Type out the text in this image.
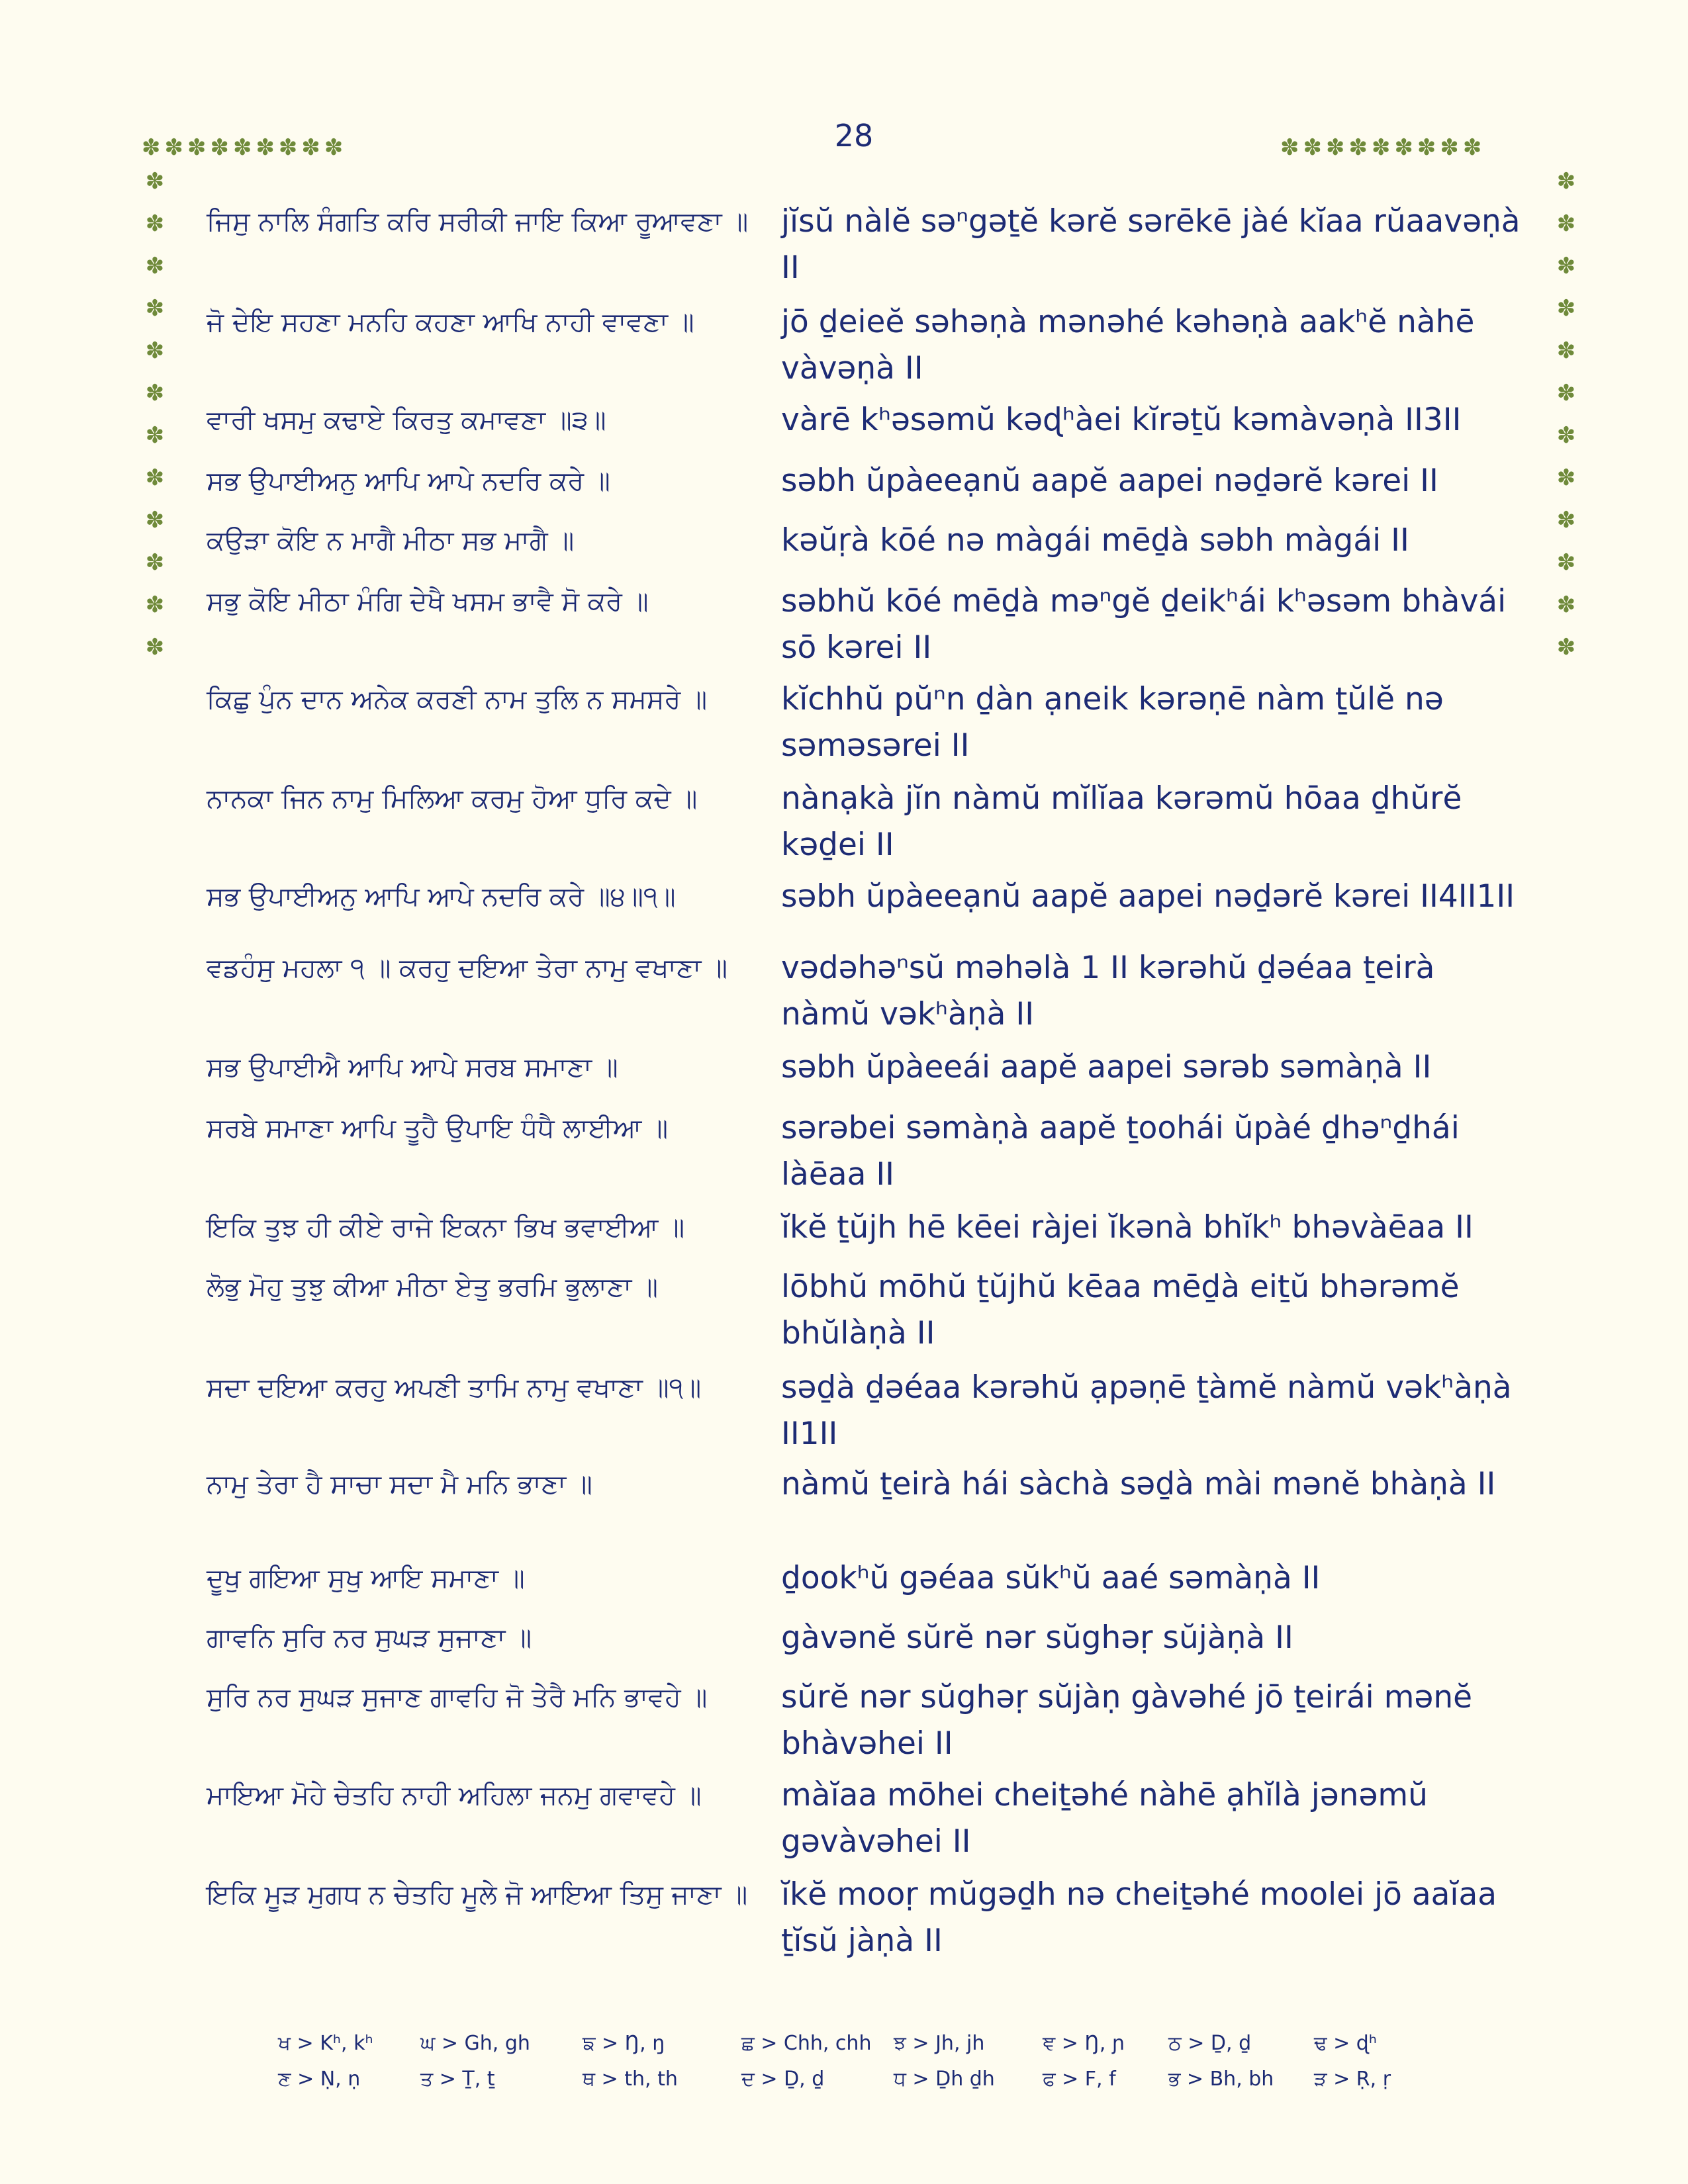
28
✽✽✽✽✽✽✽✽✽	✽✽✽✽✽✽✽✽✽
✽
✽
✽
✽
✽
✽
✽
✽
✽
✽
✽
✽
✽
✽
✽
✽
✽
✽
✽
✽
✽
✽
✽
✽
ਜਿਸੁ ਨਾਲਿ ਸੰਗਤਿ ਕਰਿ ਸਰੀਕੀ ਜਾਇ ਕਿਆ ਰੂਆਵਣਾ ॥ jĭsŭ nàlĕ səⁿgəṯĕ kərĕ sərēkē jàé kĭaa rŭaavəṇà II
ਜੋ ਦੇਇ ਸਹਣਾ ਮਨਹਿ ਕਹਣਾ ਆਖਿ ਨਾਹੀ ਵਾਵਣਾ ॥	jō ḏeieĕ səhəṇà mənəhé kəhəṇà aakʰĕ nàhē vàvəṇà II
ਵਾਰੀ ਖਸਮੁ ਕਢਾਏ ਕਿਰਤੁ ਕਮਾਵਣਾ ॥੩॥	vàrē kʰəsəmŭ kəɖʰàei kĭrəṯŭ kəmàvəṇà II3II
ਸਭ ਉਪਾਈਅਨੁ ਆਪਿ ਆਪੇ ਨਦਰਿ ਕਰੇ ॥	səbh ŭpàeeạnŭ aapĕ aapei nəḏərĕ kərei II
ਕਉੜਾ ਕੋਇ ਨ ਮਾਗੈ ਮੀਠਾ ਸਭ ਮਾਗੈ ॥	kəŭṛà kōé nə màgái mēḏà səbh màgái II
ਸਭੁ ਕੋਇ ਮੀਠਾ ਮੰਗਿ ਦੇਖੈ ਖਸਮ ਭਾਵੈ ਸੋ ਕਰੇ ॥	səbhŭ kōé mēḏà məⁿgĕ ḏeikʰái kʰəsəm bhàvái sō kərei II
ਕਿਛੁ ਪੁੰਨ ਦਾਨ ਅਨੇਕ ਕਰਣੀ ਨਾਮ ਤੁਲਿ ਨ ਸਮਸਰੇ ॥	kĭchhŭ pŭⁿn ḏàn ạneik kərəṇē nàm ṯŭlĕ nə səməsərei II
ਨਾਨਕਾ ਜਿਨ ਨਾਮੁ ਮਿਲਿਆ ਕਰਮੁ ਹੋਆ ਧੁਰਿ ਕਦੇ ॥	nànạkà jĭn nàmŭ mĭlĭaa kərəmŭ hōaa ḏhŭrĕ kəḏei II
ਸਭ ਉਪਾਈਅਨੁ ਆਪਿ ਆਪੇ ਨਦਰਿ ਕਰੇ ॥੪॥੧॥	səbh ŭpàeeạnŭ aapĕ aapei nəḏərĕ kərei II4II1II
ਵਡਹੰਸੁ ਮਹਲਾ ੧ ॥ ਕਰਹੁ ਦਇਆ ਤੇਰਾ ਨਾਮੁ ਵਖਾਣਾ ॥	vədəhəⁿsŭ məhəlà 1 II kərəhŭ ḏəéaa ṯeirà nàmŭ vəkʰàṇà II
ਸਭ ਉਪਾਈਐ ਆਪਿ ਆਪੇ ਸਰਬ ਸਮਾਣਾ ॥	səbh ŭpàeeái aapĕ aapei sərəb səmàṇà II
ਸਰਬੇ ਸਮਾਣਾ ਆਪਿ ਤੂਹੈ ਉਪਾਇ ਧੰਧੈ ਲਾਈਆ ॥	sərəbei səmàṇà aapĕ ṯoohái ŭpàé ḏhəⁿḏhái làēaa II
ਇਕਿ ਤੁਝ ਹੀ ਕੀਏ ਰਾਜੇ ਇਕਨਾ ਭਿਖ ਭਵਾਈਆ ॥	ĭkĕ ṯŭjh hē kēei ràjei ĭkənà bhĭkʰ bhəvàēaa II
ਲੋਭੁ ਮੋਹੁ ਤੁਝੁ ਕੀਆ ਮੀਠਾ ਏਤੁ ਭਰਮਿ ਭੁਲਾਣਾ ॥	lōbhŭ mōhŭ ṯŭjhŭ kēaa mēḏà eiṯŭ bhərəmĕ bhŭlàṇà II
ਸਦਾ ਦਇਆ ਕਰਹੁ ਅਪਣੀ ਤਾਮਿ ਨਾਮੁ ਵਖਾਣਾ ॥੧॥	səḏà ḏəéaa kərəhŭ ạpəṇē ṯàmĕ nàmŭ vəkʰàṇà II1II
ਨਾਮੁ ਤੇਰਾ ਹੈ ਸਾਚਾ ਸਦਾ ਮੈ ਮਨਿ ਭਾਣਾ ॥	nàmŭ ṯeirà hái sàchà səḏà mài mənĕ bhàṇà II
ਦੂਖੁ ਗਇਆ ਸੁਖੁ ਆਇ ਸਮਾਣਾ ॥	ḏookʰŭ gəéaa sŭkʰŭ aaé səmàṇà II
ਗਾਵਨਿ ਸੁਰਿ ਨਰ ਸੁਘੜ ਸੁਜਾਣਾ ॥	gàvənĕ sŭrĕ nər sŭghəṛ sŭjàṇà II
ਸੁਰਿ ਨਰ ਸੁਘੜ ਸੁਜਾਣ ਗਾਵਹਿ ਜੋ ਤੇਰੈ ਮਨਿ ਭਾਵਹੇ ॥	sŭrĕ nər sŭghəṛ sŭjàṇ gàvəhé jō ṯeirái mənĕ bhàvəhei II
ਮਾਇਆ ਮੋਹੇ ਚੇਤਹਿ ਨਾਹੀ ਅਹਿਲਾ ਜਨਮੁ ਗਵਾਵਹੇ ॥	màĭaa mōhei cheiṯəhé nàhē ạhĭlà jənəmŭ gəvàvəhei II
ਇਕਿ ਮੂੜ ਮੁਗਧ ਨ ਚੇਤਹਿ ਮੂਲੇ ਜੋ ਆਇਆ ਤਿਸੁ ਜਾਣਾ ॥ ĭkĕ mooṛ mŭgəḏh nə cheiṯəhé moolei jō aaĭaa ṯĭsŭ jàṇà II
ਖ > Kʰ, kʰ ਘ > Gh, gh	ਙ > Ŋ, ŋ	ਛ > Chh, chh ਝ > Jh, jh	ਞ > Ŋ, ɲ ਠ > Ḏ, ḏ	ਢ > ɖʰ
ਣ > Ṇ, ṇ	ਤ > Ṯ, ṯ	ਥ > th, th	ਦ > Ḏ, ḏ	ਧ > Ḏh ḏh ਫ > F, f	ਭ > Bh, bh ੜ > Ṛ, ṛ
